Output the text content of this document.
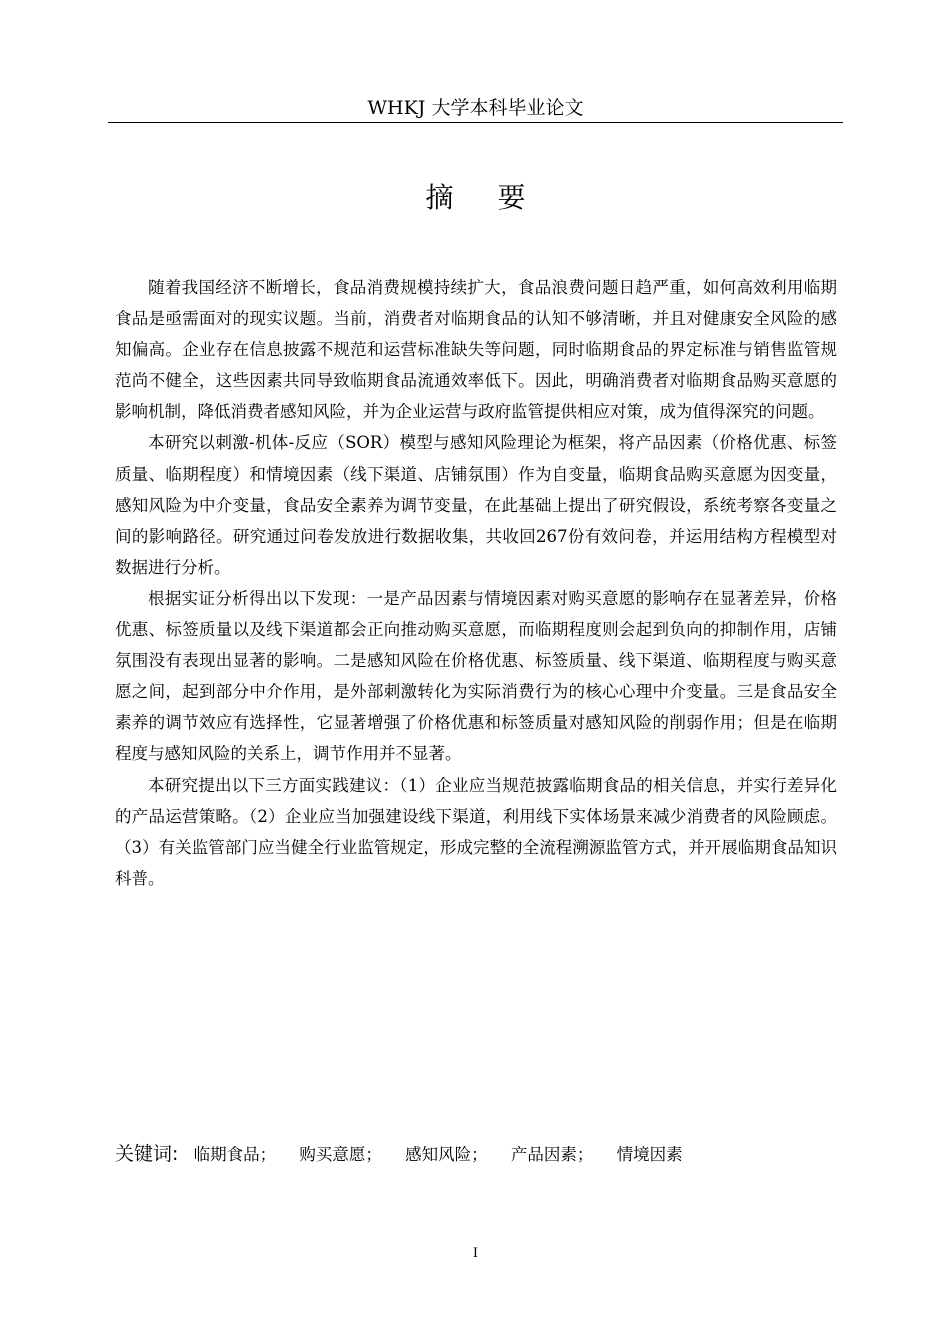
WHKJ 大学本科毕业论文
摘要

随着我国经济不断增长，食品消费规模持续扩大，食品浪费问题日趋严重，如何高效利用临期食品是亟需面对的现实议题。当前，消费者对临期食品的认知不够清晰，并且对健康安全风险的感知偏高。企业存在信息披露不规范和运营标准缺失等问题，同时临期食品的界定标准与销售监管规范尚不健全，这些因素共同导致临期食品流通效率低下。因此，明确消费者对临期食品购买意愿的影响机制，降低消费者感知风险，并为企业运营与政府监管提供相应对策，成为值得深究的问题。

本研究以刺激-机体-反应（SOR）模型与感知风险理论为框架，将产品因素（价格优惠、标签质量、临期程度）和情境因素（线下渠道、店铺氛围）作为自变量，临期食品购买意愿为因变量，感知风险为中介变量，食品安全素养为调节变量，在此基础上提出了研究假设，系统考察各变量之间的影响路径。研究通过问卷发放进行数据收集，共收回267份有效问卷，并运用结构方程模型对数据进行分析。

根据实证分析得出以下发现：一是产品因素与情境因素对购买意愿的影响存在显著差异，价格优惠、标签质量以及线下渠道都会正向推动购买意愿，而临期程度则会起到负向的抑制作用，店铺氛围没有表现出显著的影响。二是感知风险在价格优惠、标签质量、线下渠道、临期程度与购买意愿之间，起到部分中介作用，是外部刺激转化为实际消费行为的核心心理中介变量。三是食品安全素养的调节效应有选择性，它显著增强了价格优惠和标签质量对感知风险的削弱作用；但是在临期程度与感知风险的关系上，调节作用并不显著。

本研究提出以下三方面实践建议：（1）企业应当规范披露临期食品的相关信息，并实行差异化的产品运营策略。（2）企业应当加强建设线下渠道，利用线下实体场景来减少消费者的风险顾虑。（3）有关监管部门应当健全行业监管规定，形成完整的全流程溯源监管方式，并开展临期食品知识科普。

关键词: 临期食品； 购买意愿； 感知风险； 产品因素； 情境因素
I
